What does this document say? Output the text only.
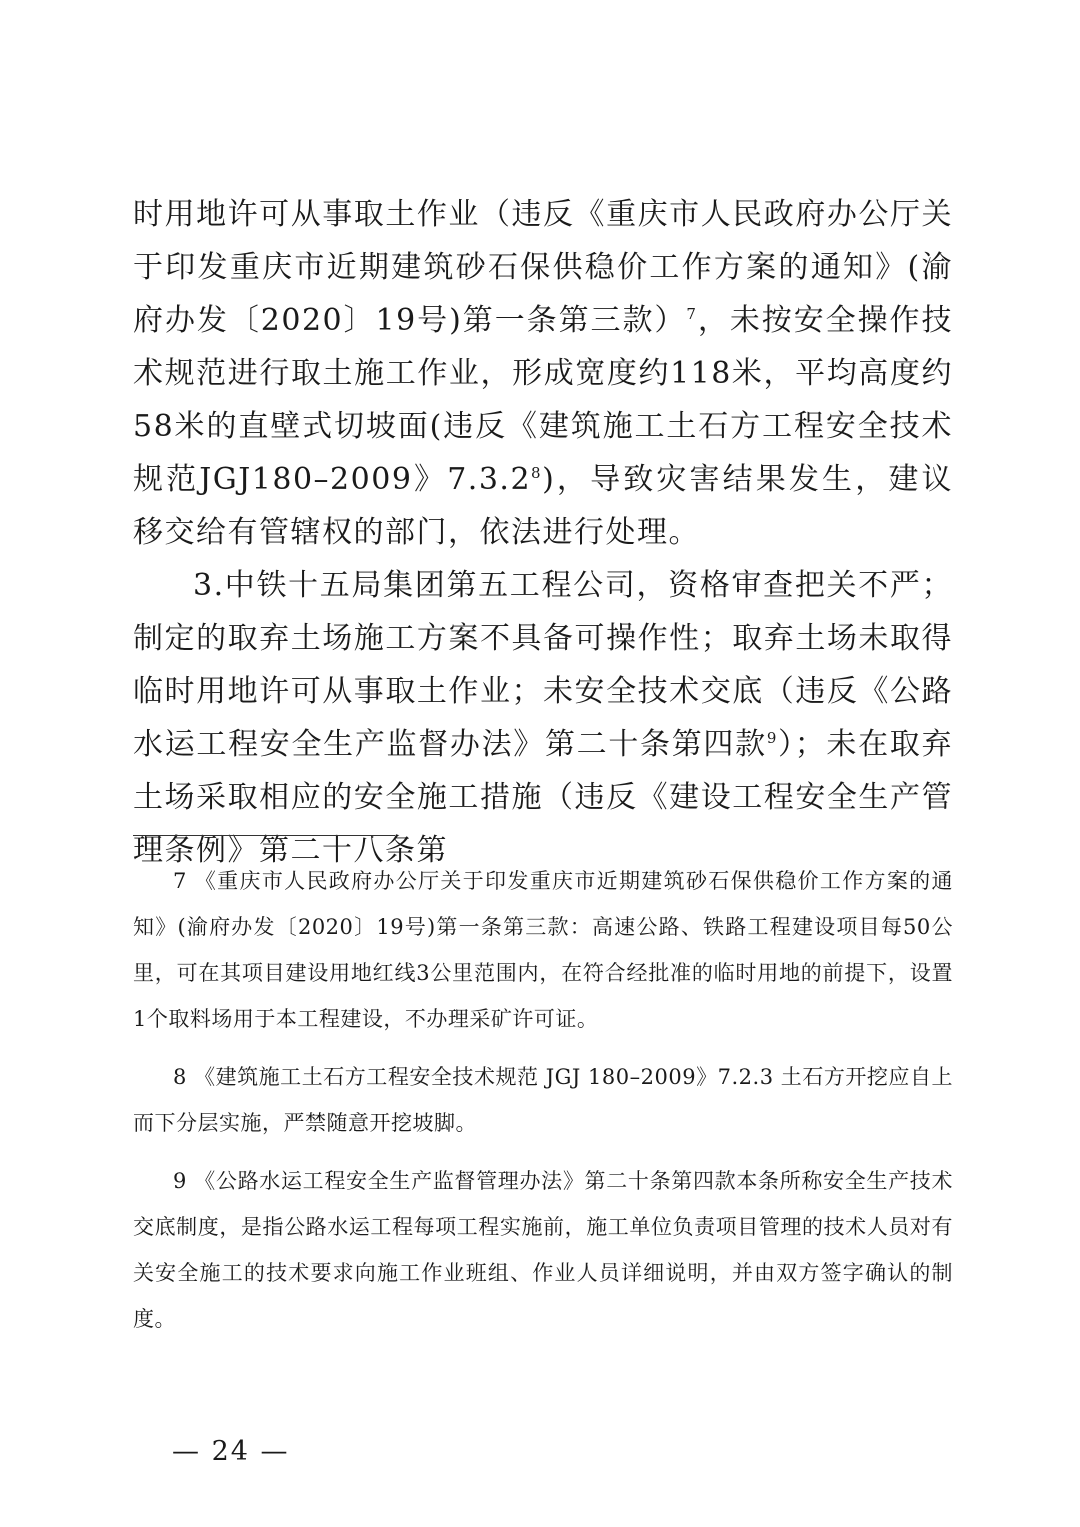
时用地许可从事取土作业（违反《重庆市人民政府办公厅关于印发重庆市近期建筑砂石保供稳价工作方案的通知》(渝府办发〔2020〕19号)第一条第三款）$^7$，未按安全操作技术规范进行取土施工作业，形成宽度约118米，平均高度约58米的直壁式切坡面(违反《建筑施工土石方工程安全技术规范JGJ180–2009》7.3.2$^8$)，导致灾害结果发生，建议移交给有管辖权的部门，依法进行处理。

3.中铁十五局集团第五工程公司，资格审查把关不严；制定的取弃土场施工方案不具备可操作性；取弃土场未取得临时用地许可从事取土作业；未安全技术交底（违反《公路水运工程安全生产监督办法》第二十条第四款$^9$）；未在取弃土场采取相应的安全施工措施（违反《建设工程安全生产管理条例》第二十八条第

7 《重庆市人民政府办公厅关于印发重庆市近期建筑砂石保供稳价工作方案的通知》(渝府办发〔2020〕19号)第一条第三款：高速公路、铁路工程建设项目每50公里，可在其项目建设用地红线3公里范围内，在符合经批准的临时用地的前提下，设置1个取料场用于本工程建设，不办理采矿许可证。

8 《建筑施工土石方工程安全技术规范 JGJ 180–2009》7.2.3 土石方开挖应自上而下分层实施，严禁随意开挖坡脚。

9 《公路水运工程安全生产监督管理办法》第二十条第四款本条所称安全生产技术交底制度，是指公路水运工程每项工程实施前，施工单位负责项目管理的技术人员对有关安全施工的技术要求向施工作业班组、作业人员详细说明，并由双方签字确认的制度。

— 24 —
